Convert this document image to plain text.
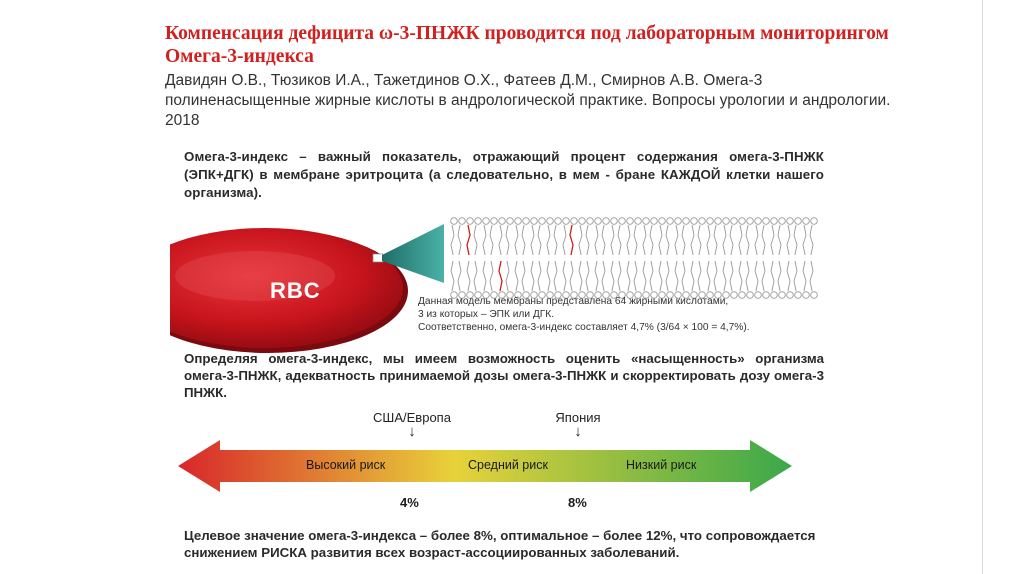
Компенсация дефицита ω-3-ПНЖК проводится под лабораторным мониторингом Омега-3-индекса
Давидян О.В., Тюзиков И.А., Тажетдинов О.Х., Фатеев Д.М., Смирнов А.В. Омега-3 полиненасыщенные жирные кислоты в андрологической практике. Вопросы урологии и андрологии. 2018
Омега-3-индекс – важный показатель, отражающий процент содержания омега-3-ПНЖК (ЭПК+ДГК) в мембране эритроцита (а следовательно, в мем - бране КАЖДОЙ клетки нашего организма).
RBC	Данная модель мембраны представлена 64 жирными кислотами,
3 из которых – ЭПК или ДГК.
Соответственно, омега-3-индекс составляет 4,7% (3/64 × 100 = 4,7%).
Определяя омега-3-индекс, мы имеем возможность оценить «насыщенность» организма омега-3-ПНЖК, адекватность принимаемой дозы омега-3-ПНЖК и скорректировать дозу омега-3 ПНЖК.
США/Европа
↓
Япония
↓
Высокий риск	Средний риск	Низкий риск
4%	8%
Целевое значение омега-3-индекса – более 8%, оптимальное – более 12%, что сопровождается снижением РИСКА развития всех возраст-ассоциированных заболеваний.
